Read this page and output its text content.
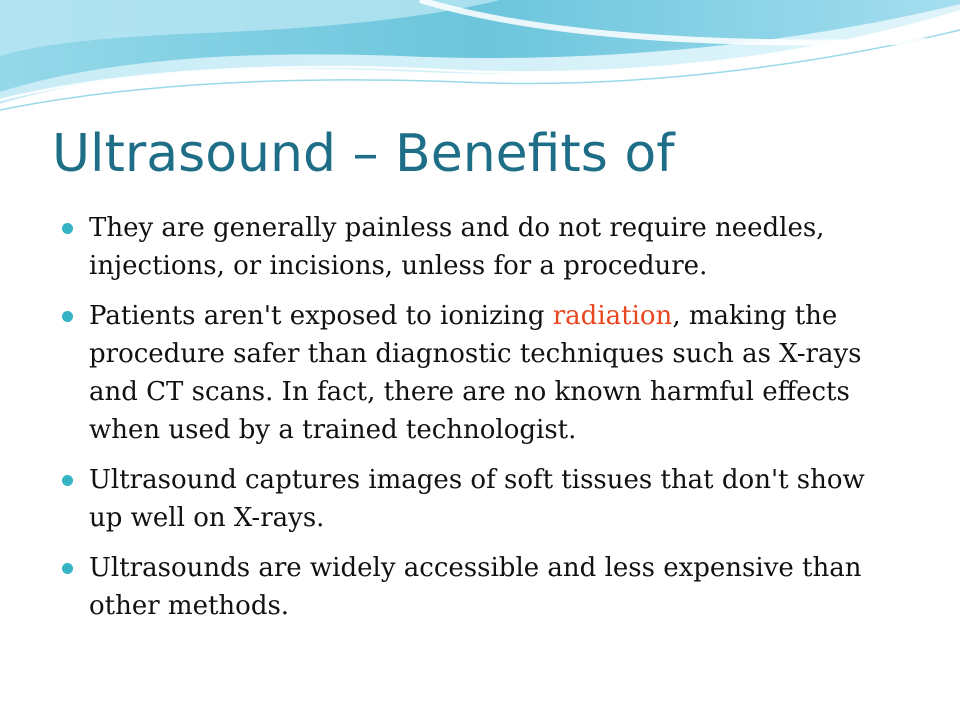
Ultrasound – Benefits of
They are generally painless and do not require needles, injections, or incisions, unless for a procedure.
Patients aren't exposed to ionizing radiation, making the procedure safer than diagnostic techniques such as X-rays and CT scans. In fact, there are no known harmful effects when used by a trained technologist.
Ultrasound captures images of soft tissues that don't show up well on X-rays.
Ultrasounds are widely accessible and less expensive than other methods.
